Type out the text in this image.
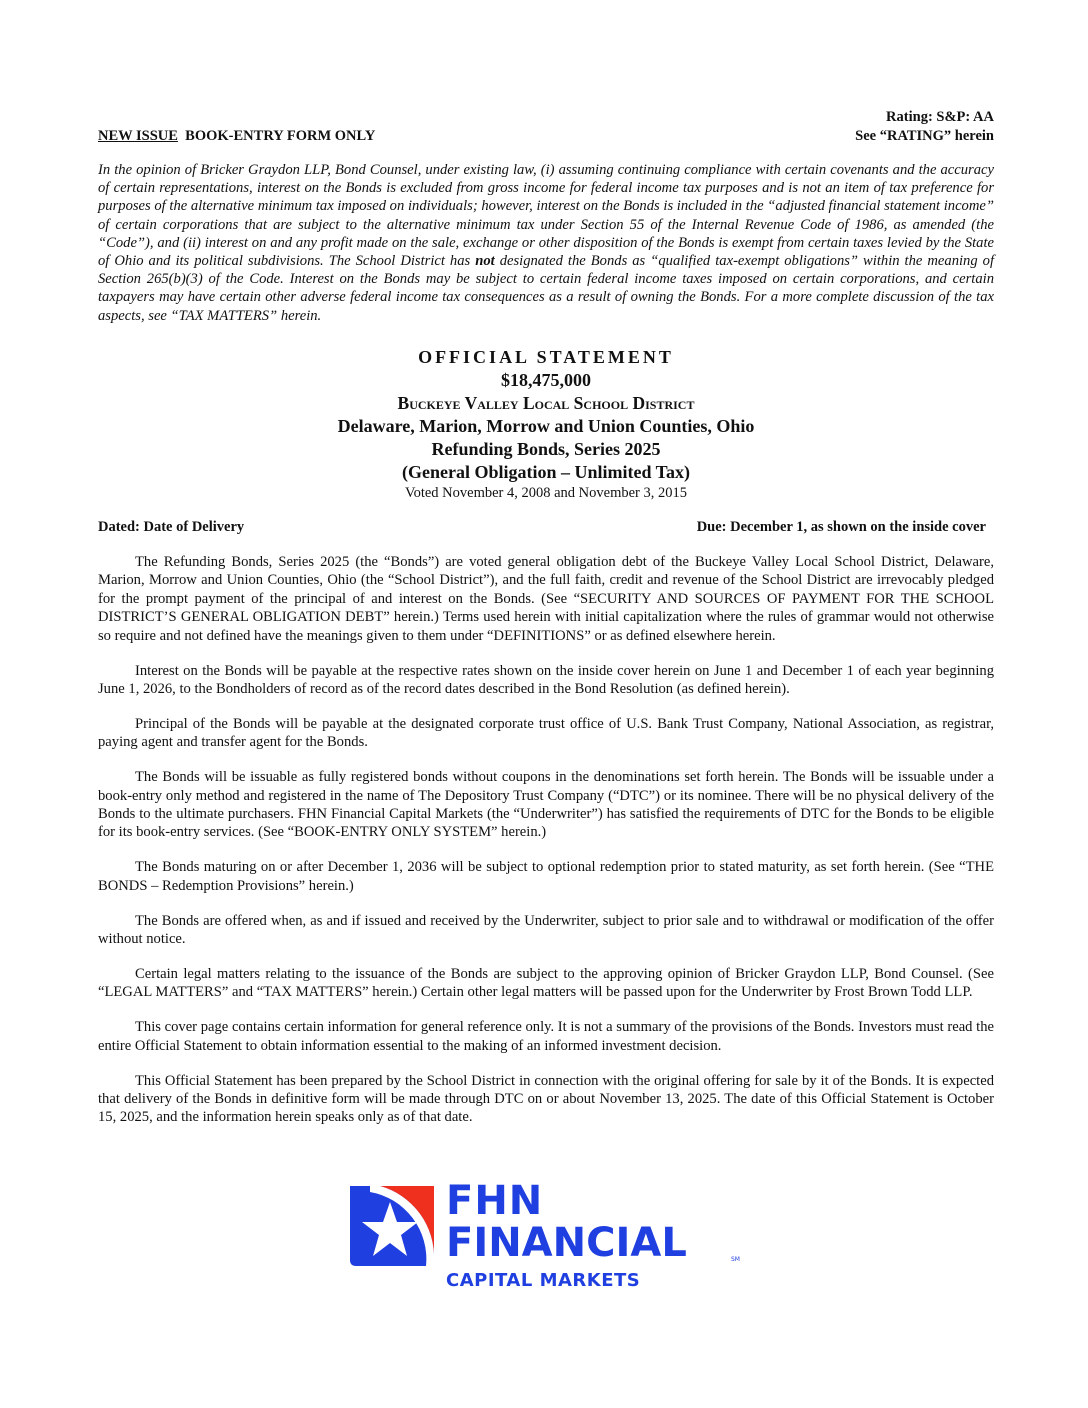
Rating: S&P: AA
See “RATING” herein
NEW ISSUE BOOK-ENTRY FORM ONLY
In the opinion of Bricker Graydon LLP, Bond Counsel, under existing law, (i) assuming continuing compliance with certain covenants and the accuracy of certain representations, interest on the Bonds is excluded from gross income for federal income tax purposes and is not an item of tax preference for purposes of the alternative minimum tax imposed on individuals; however, interest on the Bonds is included in the “adjusted financial statement income” of certain corporations that are subject to the alternative minimum tax under Section 55 of the Internal Revenue Code of 1986, as amended (the “Code”), and (ii) interest on and any profit made on the sale, exchange or other disposition of the Bonds is exempt from certain taxes levied by the State of Ohio and its political subdivisions. The School District has not designated the Bonds as “qualified tax-exempt obligations” within the meaning of Section 265(b)(3) of the Code. Interest on the Bonds may be subject to certain federal income taxes imposed on certain corporations, and certain taxpayers may have certain other adverse federal income tax consequences as a result of owning the Bonds. For a more complete discussion of the tax aspects, see “TAX MATTERS” herein.
OFFICIAL STATEMENT
$18,475,000
Buckeye Valley Local School District
Delaware, Marion, Morrow and Union Counties, Ohio
Refunding Bonds, Series 2025
(General Obligation – Unlimited Tax)
Voted November 4, 2008 and November 3, 2015
Dated: Date of Delivery	Due: December 1, as shown on the inside cover

The Refunding Bonds, Series 2025 (the “Bonds”) are voted general obligation debt of the Buckeye Valley Local School District, Delaware, Marion, Morrow and Union Counties, Ohio (the “School District”), and the full faith, credit and revenue of the School District are irrevocably pledged for the prompt payment of the principal of and interest on the Bonds. (See “SECURITY AND SOURCES OF PAYMENT FOR THE SCHOOL DISTRICT’S GENERAL OBLIGATION DEBT” herein.) Terms used herein with initial capitalization where the rules of grammar would not otherwise so require and not defined have the meanings given to them under “DEFINITIONS” or as defined elsewhere herein.

Interest on the Bonds will be payable at the respective rates shown on the inside cover herein on June 1 and December 1 of each year beginning June 1, 2026, to the Bondholders of record as of the record dates described in the Bond Resolution (as defined herein).

Principal of the Bonds will be payable at the designated corporate trust office of U.S. Bank Trust Company, National Association, as registrar, paying agent and transfer agent for the Bonds.

The Bonds will be issuable as fully registered bonds without coupons in the denominations set forth herein. The Bonds will be issuable under a book-entry only method and registered in the name of The Depository Trust Company (“DTC”) or its nominee. There will be no physical delivery of the Bonds to the ultimate purchasers. FHN Financial Capital Markets (the “Underwriter”) has satisfied the requirements of DTC for the Bonds to be eligible for its book-entry services. (See “BOOK-ENTRY ONLY SYSTEM” herein.)

The Bonds maturing on or after December 1, 2036 will be subject to optional redemption prior to stated maturity, as set forth herein. (See “THE BONDS – Redemption Provisions” herein.)

The Bonds are offered when, as and if issued and received by the Underwriter, subject to prior sale and to withdrawal or modification of the offer without notice.

Certain legal matters relating to the issuance of the Bonds are subject to the approving opinion of Bricker Graydon LLP, Bond Counsel. (See “LEGAL MATTERS” and “TAX MATTERS” herein.) Certain other legal matters will be passed upon for the Underwriter by Frost Brown Todd LLP.

This cover page contains certain information for general reference only. It is not a summary of the provisions of the Bonds. Investors must read the entire Official Statement to obtain information essential to the making of an informed investment decision.

This Official Statement has been prepared by the School District in connection with the original offering for sale by it of the Bonds. It is expected that delivery of the Bonds in definitive form will be made through DTC on or about November 13, 2025. The date of this Official Statement is October 15, 2025, and the information herein speaks only as of that date.

FHN
FINANCIAL	SM
CAPITAL MARKETS
